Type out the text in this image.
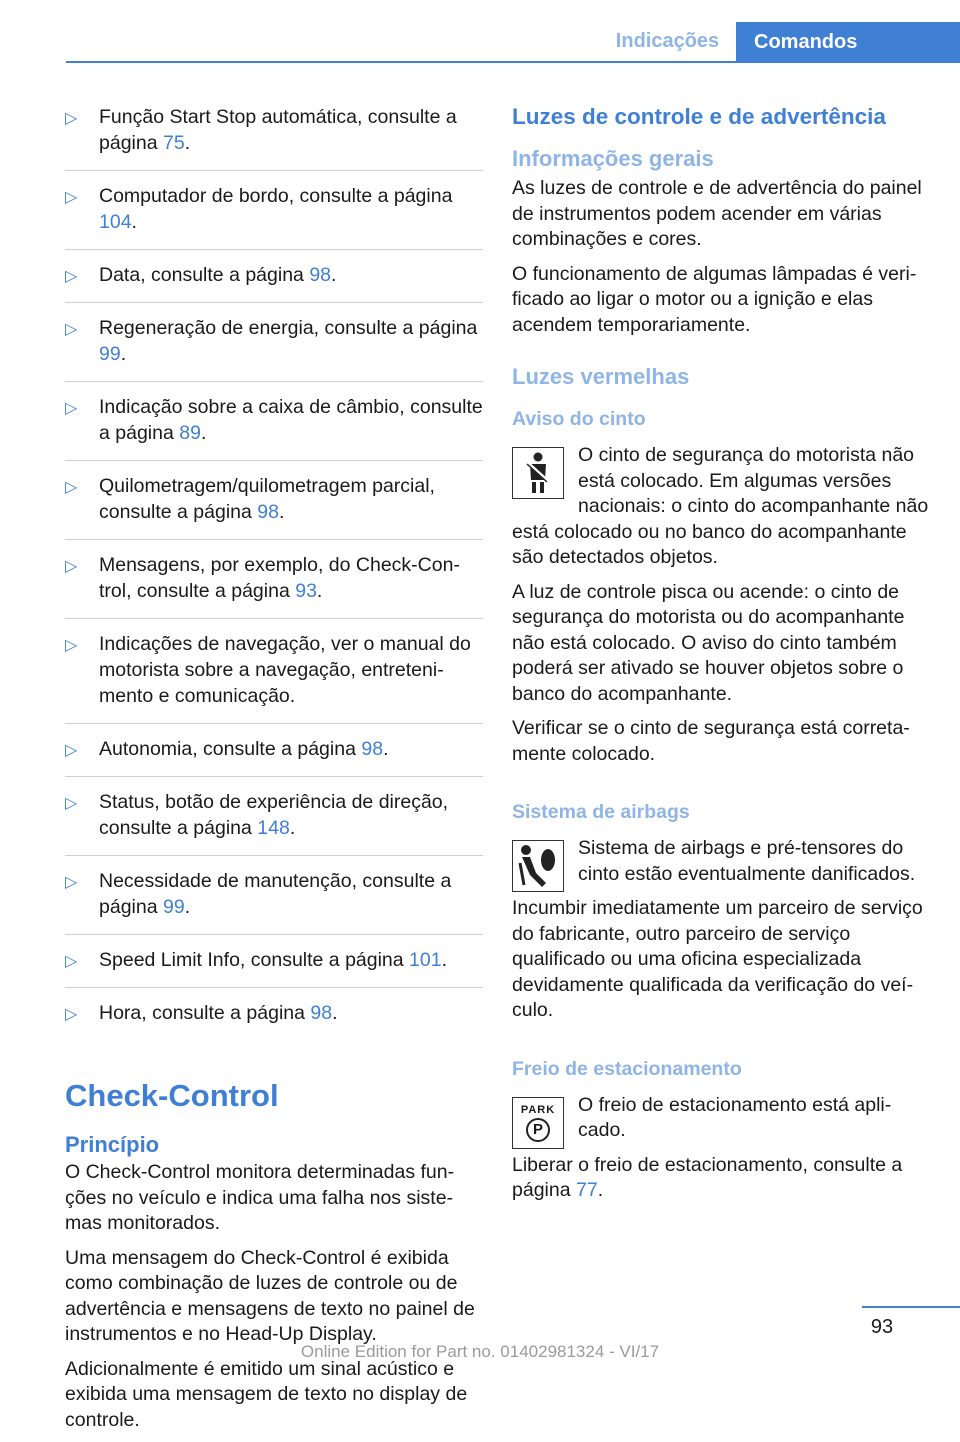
Indicações	Comandos
▷ Função Start Stop automática, consulte a página 75.
▷ Computador de bordo, consulte a página 104.
▷ Data, consulte a página 98.
▷ Regeneração de energia, consulte a página 99.
▷ Indicação sobre a caixa de câmbio, consulte a página 89.
▷ Quilometragem/quilometragem parcial, consulte a página 98.
▷ Mensagens, por exemplo, do Check-Control, consulte a página 93.
▷ Indicações de navegação, ver o manual do motorista sobre a navegação, entretenimento e comunicação.
▷ Autonomia, consulte a página 98.
▷ Status, botão de experiência de direção, consulte a página 148.
▷ Necessidade de manutenção, consulte a página 99.
▷ Speed Limit Info, consulte a página 101.
▷ Hora, consulte a página 98.
Check-Control
Princípio

O Check-Control monitora determinadas funções no veículo e indica uma falha nos sistemas monitorados.

Uma mensagem do Check-Control é exibida como combinação de luzes de controle ou de advertência e mensagens de texto no painel de instrumentos e no Head-Up Display.

Adicionalmente é emitido um sinal acústico e exibida uma mensagem de texto no display de controle.

Luzes de controle e de advertência
Informações gerais

As luzes de controle e de advertência do painel de instrumentos podem acender em várias combinações e cores.

O funcionamento de algumas lâmpadas é verificado ao ligar o motor ou a ignição e elas acendem temporariamente.

Luzes vermelhas
Aviso do cinto

O cinto de segurança do motorista não está colocado. Em algumas versões nacionais: o cinto do acompanhante não está colocado ou no banco do acompanhante são detectados objetos.

A luz de controle pisca ou acende: o cinto de segurança do motorista ou do acompanhante não está colocado. O aviso do cinto também poderá ser ativado se houver objetos sobre o banco do acompanhante.

Verificar se o cinto de segurança está corretamente colocado.

Sistema de airbags

Sistema de airbags e pré-tensores do cinto estão eventualmente danificados.

Incumbir imediatamente um parceiro de serviço do fabricante, outro parceiro de serviço qualificado ou uma oficina especializada devidamente qualificada da verificação do veículo.

Freio de estacionamento
PARK
P

O freio de estacionamento está aplicado.

Liberar o freio de estacionamento, consulte a página 77.

93
Online Edition for Part no. 01402981324 - VI/17
